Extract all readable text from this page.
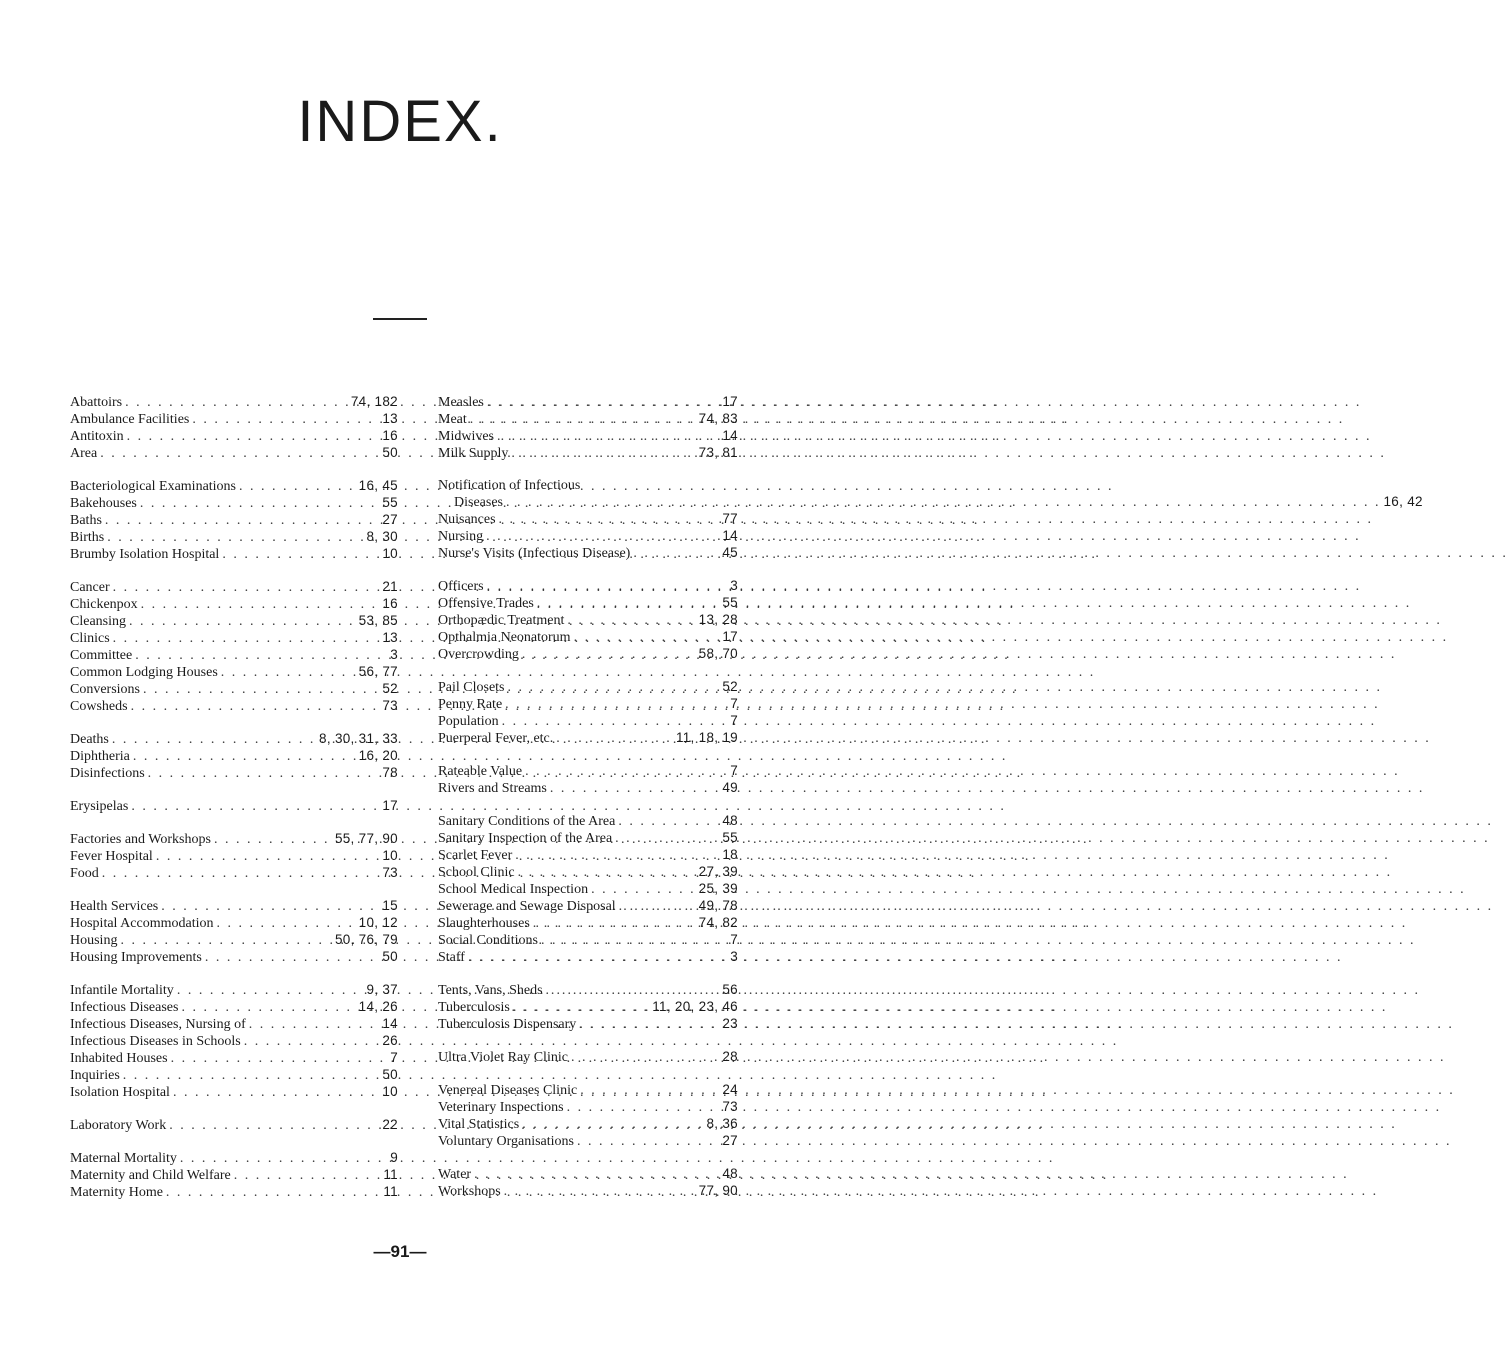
INDEX.
Abattoirs . . .	74, 182
Ambulance Facilities . . .	13
Antitoxin . . .	16
Area . . .	50
Bacteriological Examinations . . .	16, 45
Bakehouses . . .	55
Baths . . .	27
Births . . .	8, 30
Brumby Isolation Hospital . . .	10
Cancer . . .	21
Chickenpox . . .	16
Cleansing . . .	53, 85
Clinics . . .	13
Committee . . .	3
Common Lodging Houses . . .	56, 77
Conversions . . .	52
Cowsheds . . .	73
Deaths . . .	8, 30, 31, 33
Diphtheria . . .	16, 20
Disinfections . . .	78
Erysipelas . . .	17
Factories and Workshops . . .	55, 77, 90
Fever Hospital . . .	10
Food . . .	73
Health Services . . .	15
Hospital Accommodation . . .	10, 12
Housing . . .	50, 76, 79
Housing Improvements . . .	50
Infantile Mortality . . .	9, 37
Infectious Diseases . . .	14, 26
Infectious Diseases, Nursing of . . .	14
Infectious Diseases in Schools . . .	26
Inhabited Houses . . .	7
Inquiries . . .	50
Isolation Hospital . . .	10
Laboratory Work . . .	22
Maternal Mortality . . .	9
Maternity and Child Welfare . . .	11
Maternity Home . . .	11
Measles . . .	17
Meat . . .	74, 83
Midwives . . .	14
Milk Supply . . .	73, 81
Notification of Infectious
Diseases . . .	16, 42
Nuisances . . .	77
Nursing . . .	14
Nurse's Visits (Infectious Disease) . . .	45
Officers . . .	3
Offensive Trades . . .	55
Orthopædic Treatment . . .	13, 28
Opthalmia Neonatorum . . .	17
Overcrowding . . .	58, 70
Pail Closets . . .	52
Penny Rate . . .	7
Population . . .	7
Puerperal Fever, etc. . . .	11, 18, 19
Rateable Value . . .	7
Rivers and Streams . . .	49
Sanitary Conditions of the Area . . .	48
Sanitary Inspection of the Area . . .	55
Scarlet Fever . . .	18
School Clinic . . .	27, 39
School Medical Inspection . . .	25, 39
Sewerage and Sewage Disposal . . .	49, 78
Slaughterhouses . . .	74, 82
Social Conditions . . .	7
Staff . . .	3
Tents, Vans, Sheds . . .	56
Tuberculosis . . .	11, 20, 23, 46
Tuberculosis Dispensary . . .	23
Ultra Violet Ray Clinic . . .	28
Venereal Diseases Clinic . . .	24
Veterinary Inspections . . .	73
Vital Statistics . . .	8, 36
Voluntary Organisations . . .	27
Water . . .	48
Workshops . . .	77, 90
—91—
